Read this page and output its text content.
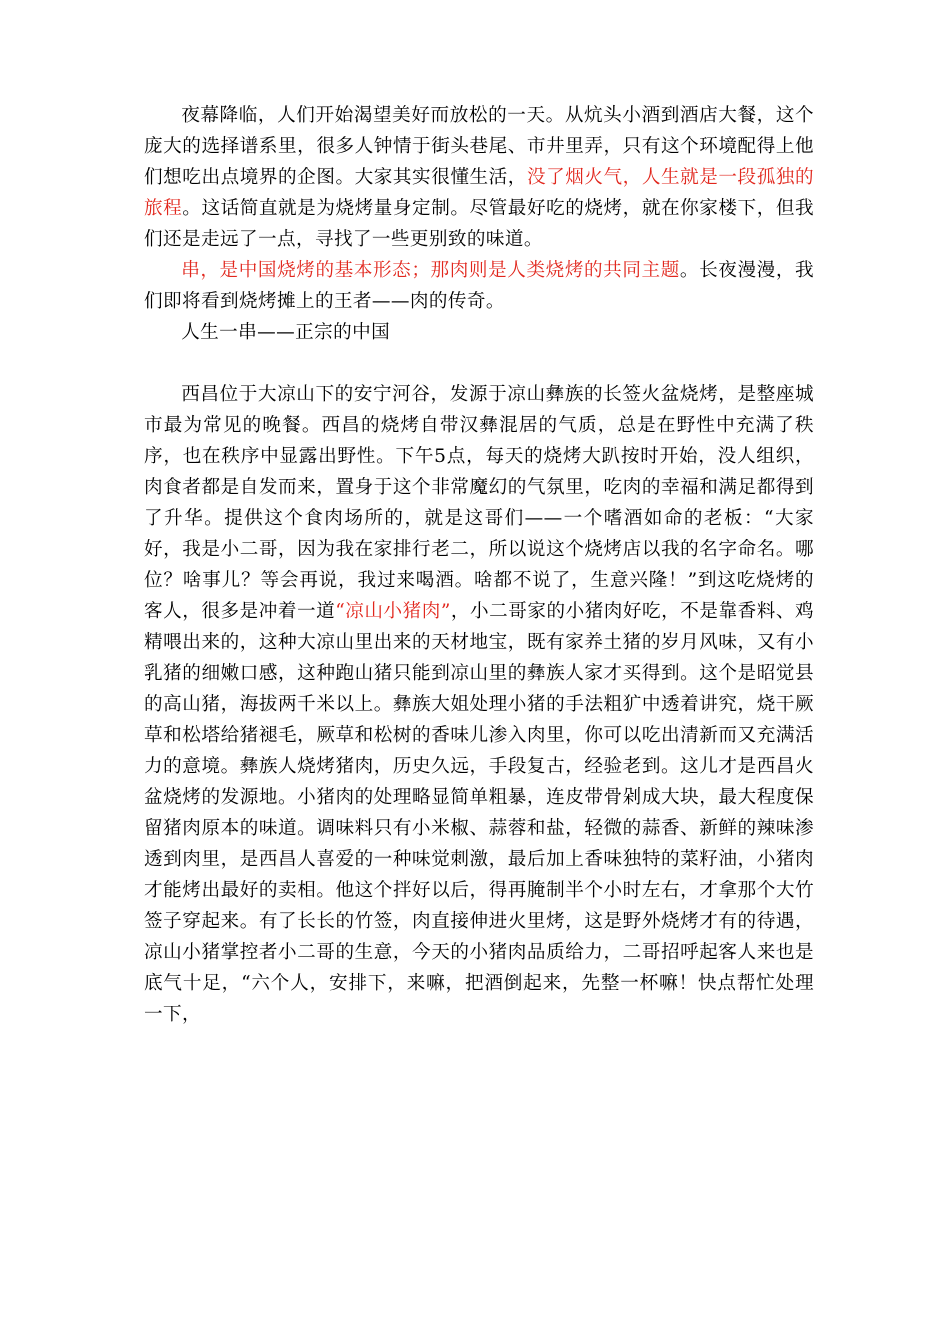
夜幕降临，人们开始渴望美好而放松的一天。从炕头小酒到酒店大餐，这个庞大的选择谱系里，很多人钟情于街头巷尾、市井里弄，只有这个环境配得上他们想吃出点境界的企图。大家其实很懂生活，没了烟火气，人生就是一段孤独的旅程。这话简直就是为烧烤量身定制。尽管最好吃的烧烤，就在你家楼下，但我们还是走远了一点，寻找了一些更别致的味道。

串，是中国烧烤的基本形态；那肉则是人类烧烤的共同主题。长夜漫漫，我们即将看到烧烤摊上的王者——肉的传奇。

人生一串——正宗的中国

西昌位于大凉山下的安宁河谷，发源于凉山彝族的长签火盆烧烤，是整座城市最为常见的晚餐。西昌的烧烤自带汉彝混居的气质，总是在野性中充满了秩序，也在秩序中显露出野性。下午5点，每天的烧烤大趴按时开始，没人组织，肉食者都是自发而来，置身于这个非常魔幻的气氛里，吃肉的幸福和满足都得到了升华。提供这个食肉场所的，就是这哥们——一个嗜酒如命的老板：“大家好，我是小二哥，因为我在家排行老二，所以说这个烧烤店以我的名字命名。哪位？啥事儿？等会再说，我过来喝酒。啥都不说了，生意兴隆！”到这吃烧烤的客人，很多是冲着一道“凉山小猪肉”，小二哥家的小猪肉好吃，不是靠香料、鸡精喂出来的，这种大凉山里出来的天材地宝，既有家养土猪的岁月风味，又有小乳猪的细嫩口感，这种跑山猪只能到凉山里的彝族人家才买得到。这个是昭觉县的高山猪，海拔两千米以上。彝族大姐处理小猪的手法粗犷中透着讲究，烧干厥草和松塔给猪褪毛，厥草和松树的香味儿渗入肉里，你可以吃出清新而又充满活力的意境。彝族人烧烤猪肉，历史久远，手段复古，经验老到。这儿才是西昌火盆烧烤的发源地。小猪肉的处理略显简单粗暴，连皮带骨剁成大块，最大程度保留猪肉原本的味道。调味料只有小米椒、蒜蓉和盐，轻微的蒜香、新鲜的辣味渗透到肉里，是西昌人喜爱的一种味觉刺激，最后加上香味独特的菜籽油，小猪肉才能烤出最好的卖相。他这个拌好以后，得再腌制半个小时左右，才拿那个大竹签子穿起来。有了长长的竹签，肉直接伸进火里烤，这是野外烧烤才有的待遇，凉山小猪掌控者小二哥的生意，今天的小猪肉品质给力，二哥招呼起客人来也是底气十足，“六个人，安排下，来嘛，把酒倒起来，先整一杯嘛！快点帮忙处理一下，
